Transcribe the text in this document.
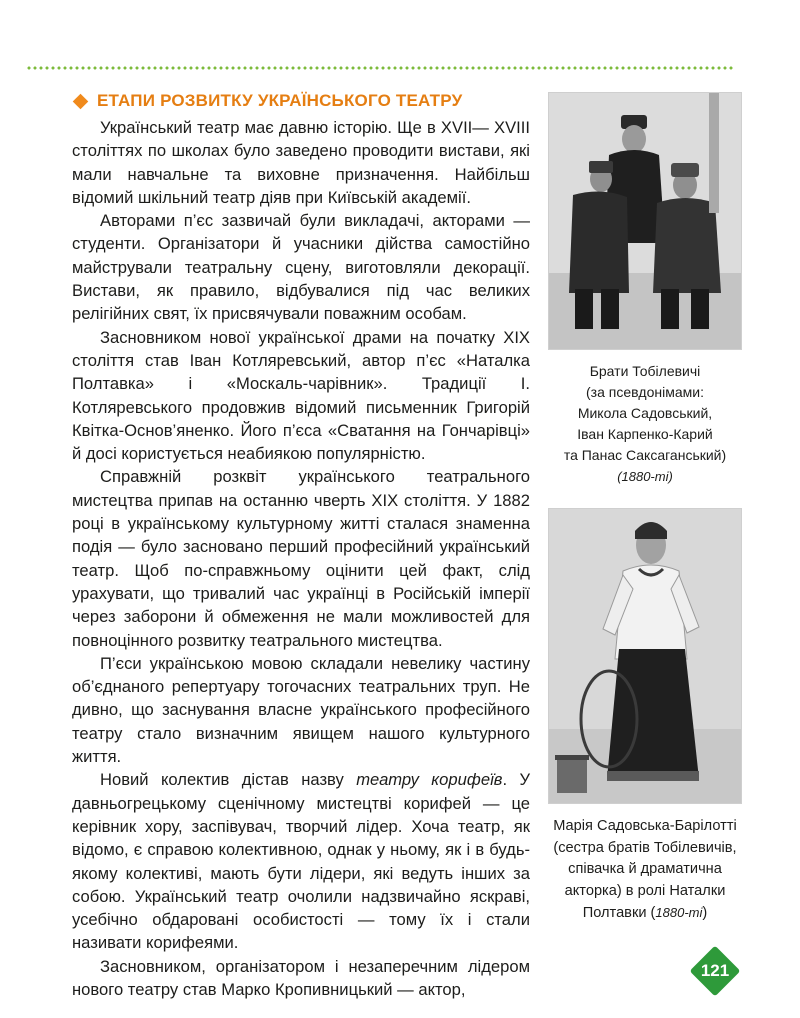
ЕТАПИ РОЗВИТКУ УКРАЇНСЬКОГО ТЕАТРУ

Український театр має давню історію. Ще в XVII— XVIII століттях по школах було заведено проводити вистави, які мали навчальне та виховне призначення. Найбільш відомий шкільний театр діяв при Київській академії.

Авторами п’єс зазвичай були викладачі, акторами — студенти. Організатори й учасники дійства самостійно майстрували театральну сцену, виготовляли декорації. Вистави, як правило, відбувалися під час великих релігійних свят, їх присвячували поважним особам.

Засновником нової української драми на початку XIX століття став Іван Котляревський, автор п’єс «Наталка Полтавка» і «Москаль-чарівник». Традиції І. Котляревського продовжив відомий письменник Григорій Квітка-Основ’яненко. Його п’єса «Сватання на Гончарівці» й досі користується неабиякою популярністю.

Справжній розквіт українського театрального мистецтва припав на останню чверть XIX століття. У 1882 році в українському культурному житті сталася знаменна подія — було засновано перший професійний український театр. Щоб по-справжньому оцінити цей факт, слід урахувати, що тривалий час українці в Російській імперії через заборони й обмеження не мали можливостей для повноцінного розвитку театрального мистецтва.

П’єси українською мовою складали невелику частину об’єднаного репертуару тогочасних театральних труп. Не дивно, що заснування власне українського професійного театру стало визначним явищем нашого культурного життя.

Новий колектив дістав назву театру корифеїв. У давньогрецькому сценічному мистецтві корифей — це керівник хору, заспівувач, творчий лідер. Хоча театр, як відомо, є справою колективною, однак у ньому, як і в будь-якому колективі, мають бути лідери, які ведуть інших за собою. Український театр очолили надзвичайно яскраві, усебічно обдаровані особистості — тому їх і стали називати корифеями.

Засновником, організатором і незаперечним лідером нового театру став Марко Кропивницький — актор,

Брати Тобілевичі
(за псевдонімами:
Микола Садовський,
Іван Карпенко-Карий
та Панас Саксаганський)
(1880-ті)
Марія Садовська-Барілотті
(сестра братів Тобілевичів,
співачка й драматична
акторка) в ролі Наталки
Полтавки (1880-ті)
121
